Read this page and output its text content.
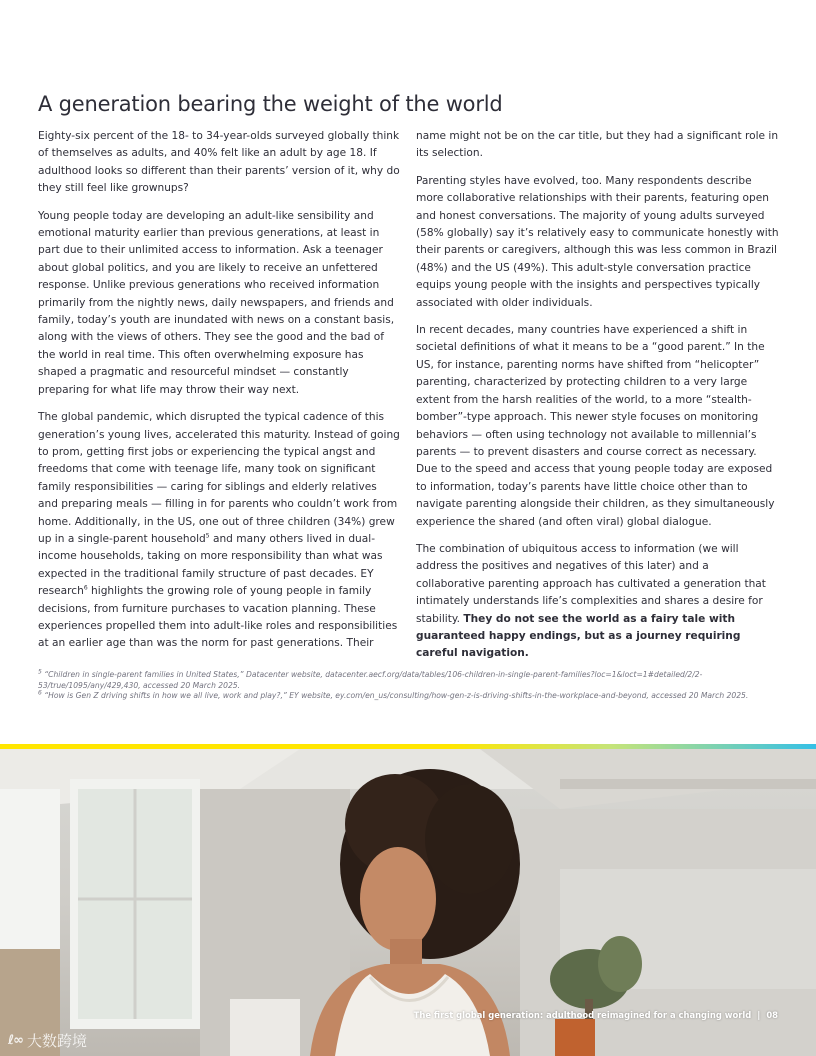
A generation bearing the weight of the world

Eighty-six percent of the 18- to 34-year-olds surveyed globally think of themselves as adults, and 40% felt like an adult by age 18. If adulthood looks so different than their parents’ version of it, why do they still feel like grownups?

Young people today are developing an adult-like sensibility and emotional maturity earlier than previous generations, at least in part due to their unlimited access to information. Ask a teenager about global politics, and you are likely to receive an unfettered response. Unlike previous generations who received information primarily from the nightly news, daily newspapers, and friends and family, today’s youth are inundated with news on a constant basis, along with the views of others. They see the good and the bad of the world in real time. This often overwhelming exposure has shaped a pragmatic and resourceful mindset — constantly preparing for what life may throw their way next.

The global pandemic, which disrupted the typical cadence of this generation’s young lives, accelerated this maturity. Instead of going to prom, getting first jobs or experiencing the typical angst and freedoms that come with teenage life, many took on significant family responsibilities — caring for siblings and elderly relatives and preparing meals — filling in for parents who couldn’t work from home. Additionally, in the US, one out of three children (34%) grew up in a single-parent household$^5$ and many others lived in dual-income households, taking on more responsibility than what was expected in the traditional family structure of past decades. EY research$^6$ highlights the growing role of young people in family decisions, from furniture purchases to vacation planning. These experiences propelled them into adult-like roles and responsibilities at an earlier age than was the norm for past generations. Their

name might not be on the car title, but they had a significant role in its selection.

Parenting styles have evolved, too. Many respondents describe more collaborative relationships with their parents, featuring open and honest conversations. The majority of young adults surveyed (58% globally) say it’s relatively easy to communicate honestly with their parents or caregivers, although this was less common in Brazil (48%) and the US (49%). This adult-style conversation practice equips young people with the insights and perspectives typically associated with older individuals.

In recent decades, many countries have experienced a shift in societal definitions of what it means to be a “good parent.” In the US, for instance, parenting norms have shifted from “helicopter” parenting, characterized by protecting children to a very large extent from the harsh realities of the world, to a more “stealth-bomber”-type approach. This newer style focuses on monitoring behaviors — often using technology not available to millennial’s parents — to prevent disasters and course correct as necessary. Due to the speed and access that young people today are exposed to information, today’s parents have little choice other than to navigate parenting alongside their children, as they simultaneously experience the shared (and often viral) global dialogue.

The combination of ubiquitous access to information (we will address the positives and negatives of this later) and a collaborative parenting approach has cultivated a generation that intimately understands life’s complexities and shares a desire for stability. They do not see the world as a fairy tale with guaranteed happy endings, but as a journey requiring careful navigation.

$^5$ “Children in single-parent families in United States,” Datacenter website, datacenter.aecf.org/data/tables/106-children-in-single-parent-families?loc=1&loct=1#detailed/2/2-53/true/1095/any/429,430, accessed 20 March 2025.

$^6$ “How is Gen Z driving shifts in how we all live, work and play?,” EY website, ey.com/en_us/consulting/how-gen-z-is-driving-shifts-in-the-workplace-and-beyond, accessed 20 March 2025.

The first global generation: adulthood reimagined for a changing world | 08
ℓ∞ 大数跨境
